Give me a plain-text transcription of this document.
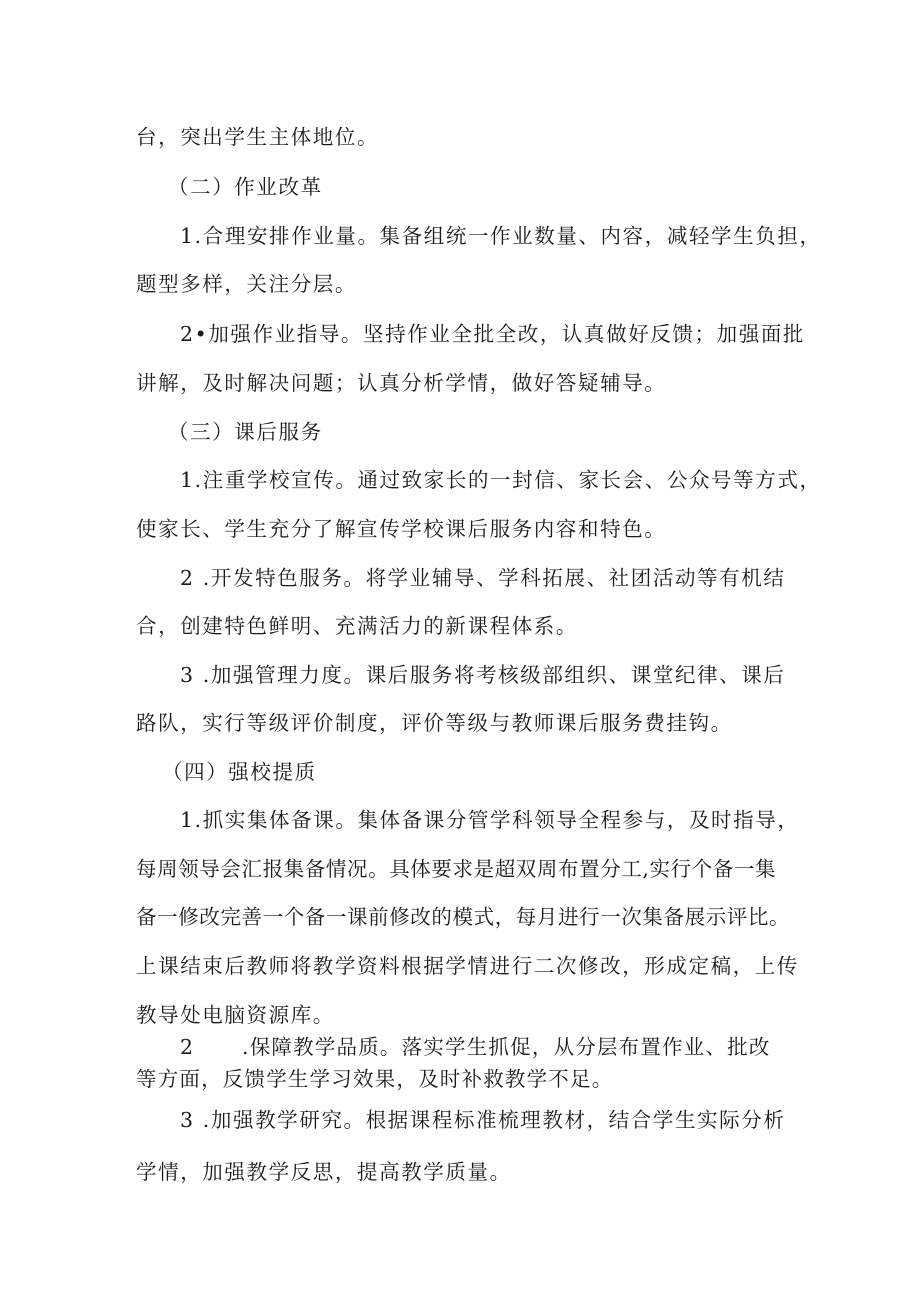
台，突出学生主体地位。
（二）作业改革
1.合理安排作业量。集备组统一作业数量、内容，减轻学生负担，
题型多样，关注分层。
2•加强作业指导。坚持作业全批全改，认真做好反馈；加强面批
讲解，及时解决问题；认真分析学情，做好答疑辅导。
（三）课后服务
1.注重学校宣传。通过致家长的一封信、家长会、公众号等方式，
使家长、学生充分了解宣传学校课后服务内容和特色。
2 .开发特色服务。将学业辅导、学科拓展、社团活动等有机结
合，创建特色鲜明、充满活力的新课程体系。
3 .加强管理力度。课后服务将考核级部组织、课堂纪律、课后
路队，实行等级评价制度，评价等级与教师课后服务费挂钩。
（四）强校提质
1.抓实集体备课。集体备课分管学科领导全程参与，及时指导，
每周领导会汇报集备情况。具体要求是超双周布置分工,实行个备一集
备一修改完善一个备一课前修改的模式，每月进行一次集备展示评比。
上课结束后教师将教学资料根据学情进行二次修改，形成定稿，上传
教导处电脑资源库。
2 .保障教学品质。落实学生抓促，从分层布置作业、批改
等方面，反馈学生学习效果，及时补救教学不足。
3 .加强教学研究。根据课程标准梳理教材，结合学生实际分析
学情，加强教学反思，提高教学质量。
